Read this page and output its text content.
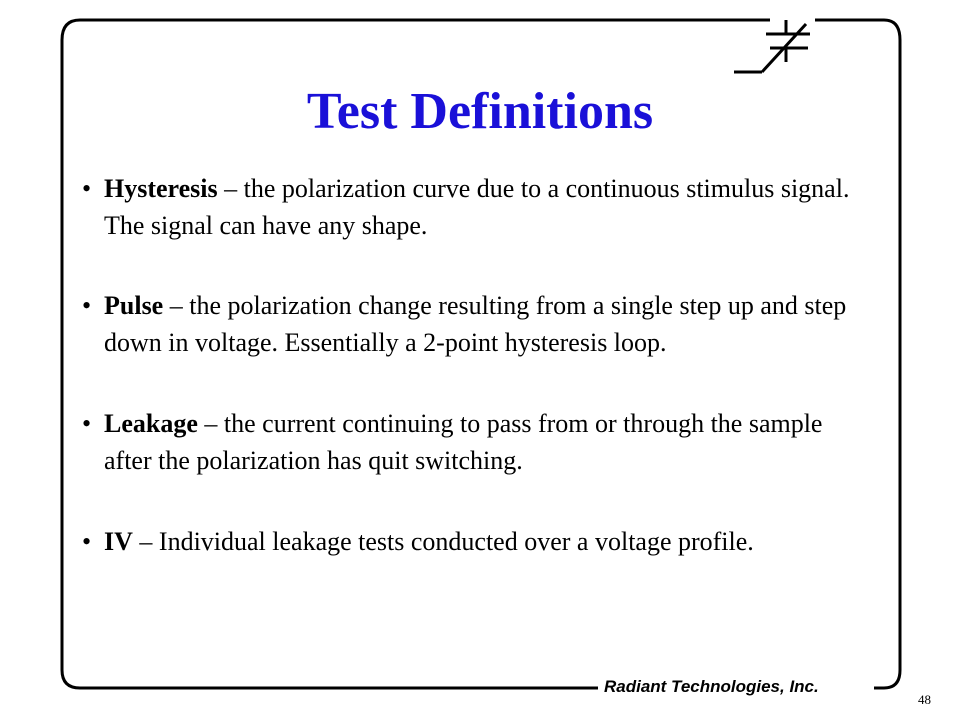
Test Definitions
• Hysteresis – the polarization curve due to a continuous stimulus signal. The signal can have any shape.
• Pulse – the polarization change resulting from a single step up and step down in voltage. Essentially a 2-point hysteresis loop.
• Leakage – the current continuing to pass from or through the sample after the polarization has quit switching.
• IV – Individual leakage tests conducted over a voltage profile.
Radiant Technologies, Inc.
48
